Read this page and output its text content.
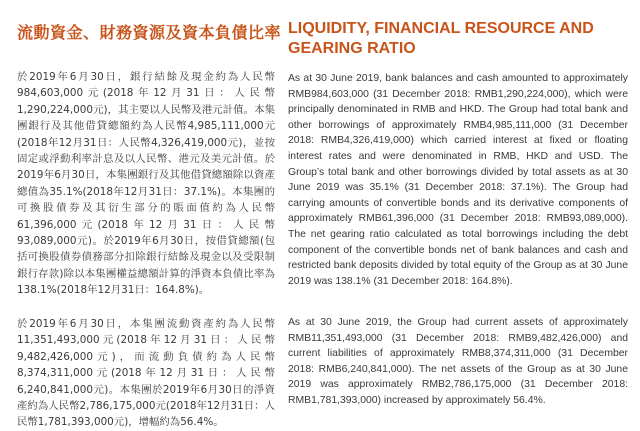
流動資金、財務資源及資本負債比率

於2019年6月30日，銀行結餘及現金約為人民幣984,603,000元(2018年12月31日：人民幣1,290,224,000元)，其主要以人民幣及港元計值。本集團銀行及其他借貸總額約為人民幣4,985,111,000元(2018年12月31日：人民幣4,326,419,000元)，並按固定或浮動利率計息及以人民幣、港元及美元計值。於2019年6月30日，本集團銀行及其他借貸總額除以資產總值為35.1%(2018年12月31日：37.1%)。本集團的可換股債券及其衍生部分的賬面值約為人民幣61,396,000元(2018年12月31日：人民幣93,089,000元)。於2019年6月30日，按借貸總額(包括可換股債券債務部分扣除銀行結餘及現金以及受限制銀行存款)除以本集團權益總額計算的淨資本負債比率為138.1%(2018年12月31日：164.8%)。

於2019年6月30日，本集團流動資產約為人民幣11,351,493,000元(2018年12月31日：人民幣9,482,426,000元)，而流動負債約為人民幣8,374,311,000元(2018年12月31日：人民幣6,240,841,000元)。本集團於2019年6月30日的淨資產約為人民幣2,786,175,000元(2018年12月31日：人民幣1,781,393,000元)，增幅約為56.4%。

LIQUIDITY, FINANCIAL RESOURCE AND GEARING RATIO

As at 30 June 2019, bank balances and cash amounted to approximately RMB984,603,000 (31 December 2018: RMB1,290,224,000), which were principally denominated in RMB and HKD. The Group had total bank and other borrowings of approximately RMB4,985,111,000 (31 December 2018: RMB4,326,419,000) which carried interest at fixed or floating interest rates and were denominated in RMB, HKD and USD. The Group’s total bank and other borrowings divided by total assets as at 30 June 2019 was 35.1% (31 December 2018: 37.1%). The Group had carrying amounts of convertible bonds and its derivative components of approximately RMB61,396,000 (31 December 2018: RMB93,089,000). The net gearing ratio calculated as total borrowings including the debt component of the convertible bonds net of bank balances and cash and restricted bank deposits divided by total equity of the Group as at 30 June 2019 was 138.1% (31 December 2018: 164.8%).

As at 30 June 2019, the Group had current assets of approximately RMB11,351,493,000 (31 December 2018: RMB9,482,426,000) and current liabilities of approximately RMB8,374,311,000 (31 December 2018: RMB6,240,841,000). The net assets of the Group as at 30 June 2019 was approximately RMB2,786,175,000 (31 December 2018: RMB1,781,393,000) increased by approximately 56.4%.
